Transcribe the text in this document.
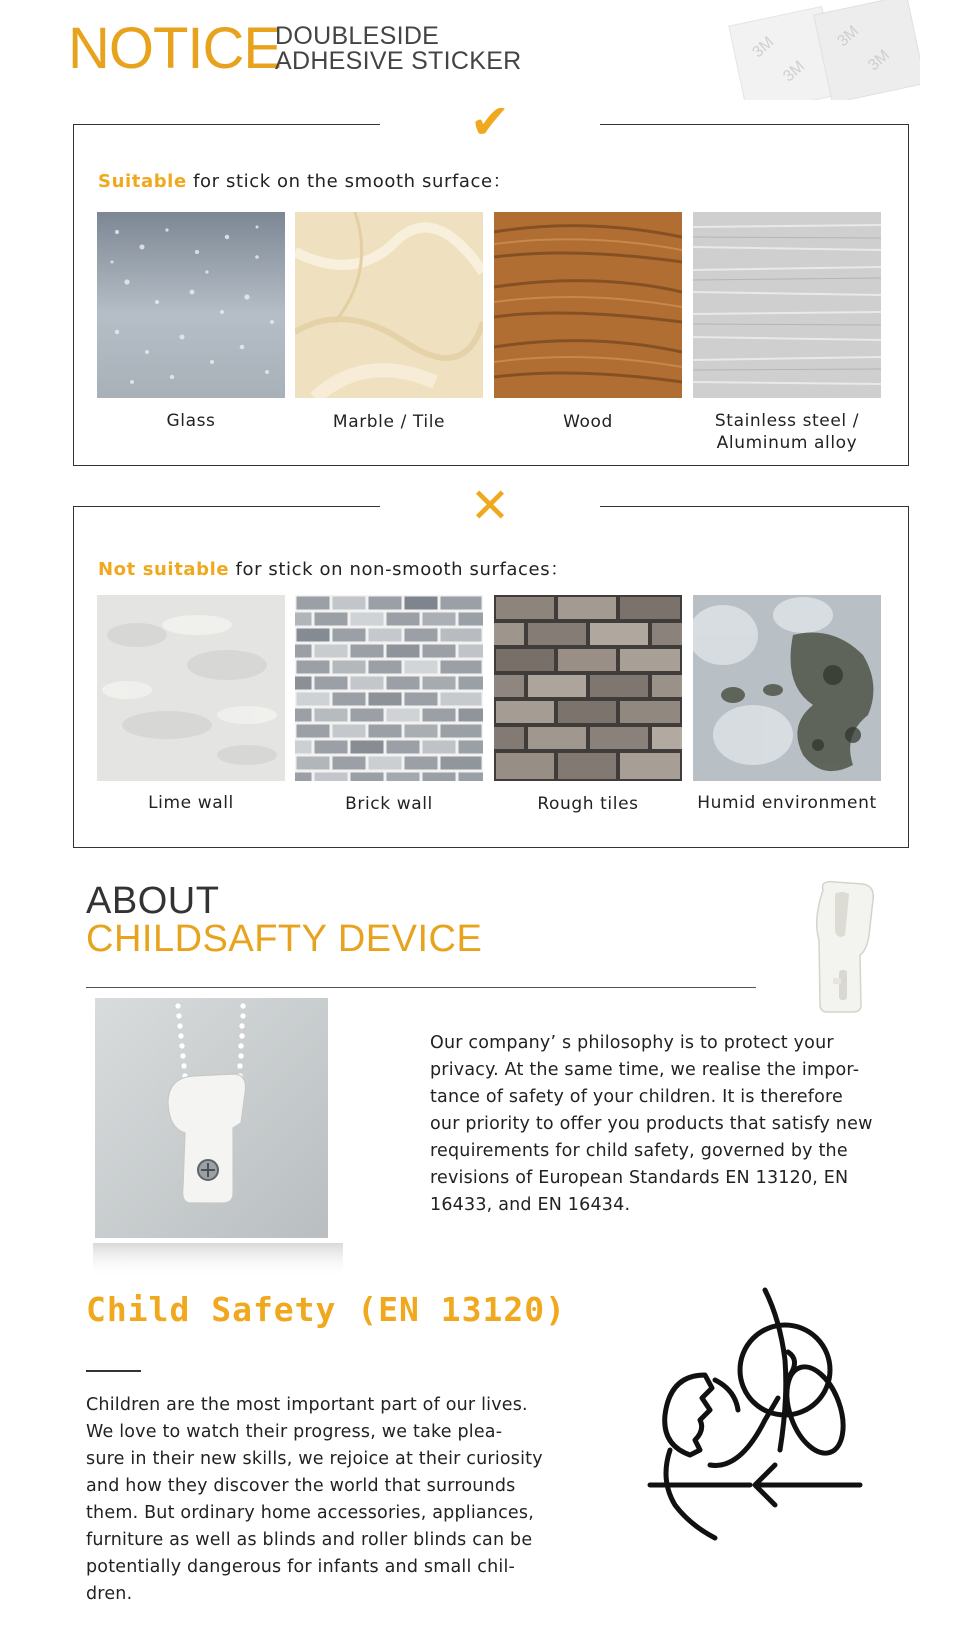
NOTICE
DOUBLESIDE
ADHESIVE STICKER	3M
3M
3M
3M
✔
Suitable for stick on the smooth surface：
Glass	Marble / Tile	Wood	Stainless steel /
Aluminum alloy
✕
Not suitable for stick on non-smooth surfaces：
Lime wall	Brick wall	Rough tiles	Humid environment
ABOUT
CHILDSAFTY DEVICE
Our company’ s philosophy is to protect your
privacy. At the same time, we realise the impor-
tance of safety of your children. It is therefore
our priority to offer you products that satisfy new
requirements for child safety, governed by the
revisions of European Standards EN 13120, EN
16433, and EN 16434.
Child Safety (EN 13120)
Children are the most important part of our lives.
We love to watch their progress, we take plea-
sure in their new skills, we rejoice at their curiosity
and how they discover the world that surrounds
them. But ordinary home accessories, appliances,
furniture as well as blinds and roller blinds can be
potentially dangerous for infants and small chil-
dren.
